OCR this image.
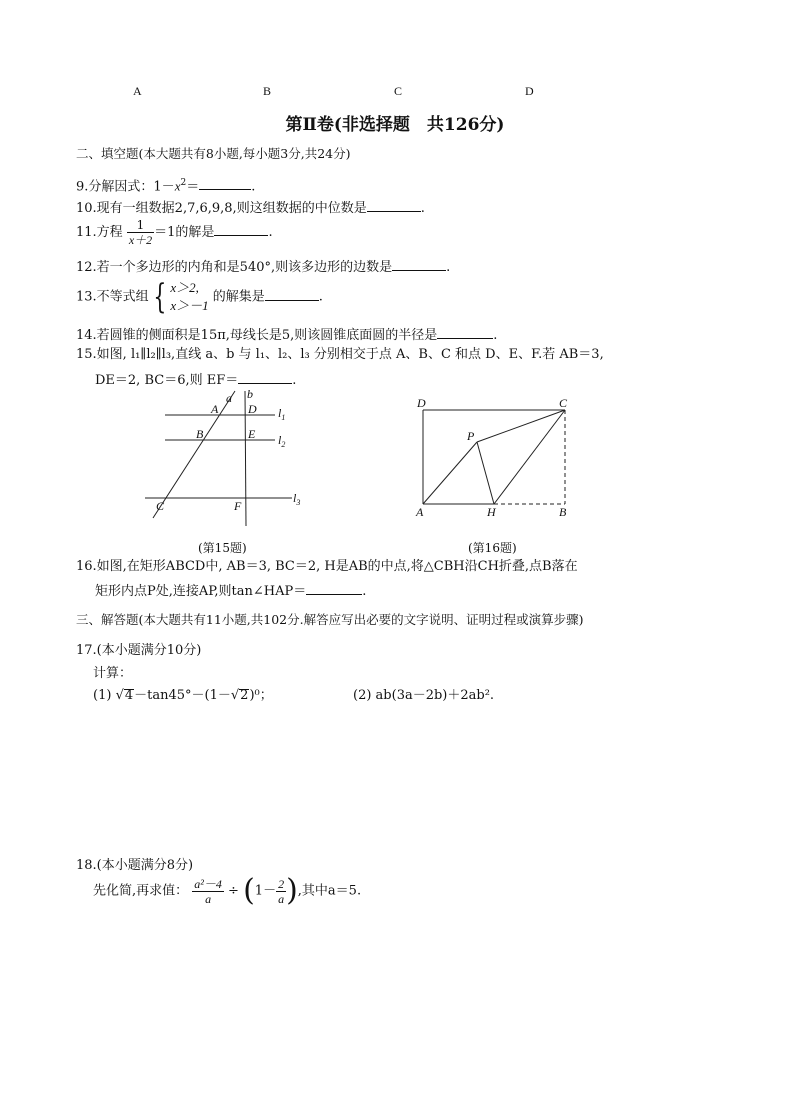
A	B	C	D
第Ⅱ卷(非选择题　共126分)
二、填空题(本大题共有8小题,每小题3分,共24分)
9.分解因式：$1-x^2=$	.
10.现有一组数据2,7,6,9,8,则这组数据的中位数是	.
11.方程 $\frac{1}{x+2} =1$的解是	.
12.若一个多边形的内角和是540°,则该多边形的边数是	.
13.不等式组 { x＞2,
x＞－1
的解集是	.
14.若圆锥的侧面积是15π,母线长是5,则该圆锥底面圆的半径是	.
15.如图, l₁∥l₂∥l₃,直线 a、b 与 l₁、l₂、l₃ 分别相交于点 A、B、C 和点 D、E、F.若 AB＝3,
DE＝2, BC＝6,则 EF＝	.
a b
A D $l_1$
B	E $l_2$
C	F
$l_3$
(第15题)
D	C
P
A	H	B
(第16题)
16.如图,在矩形ABCD中, AB＝3, BC＝2, H是AB的中点,将△CBH沿CH折叠,点B落在
矩形内点P处,连接AP,则tan∠HAP＝	.
三、解答题(本大题共有11小题,共102分.解答应写出必要的文字说明、证明过程或演算步骤)
17.(本小题满分10分)
计算：
(1) √4－tan45°－(1－√2)⁰；	(2) ab(3a－2b)＋2ab².
18.(本小题满分8分)
先化简,再求值： $\frac{\text{a²－4}}{a} \div (1- \frac{2}{a}$ ),其中a＝5.
